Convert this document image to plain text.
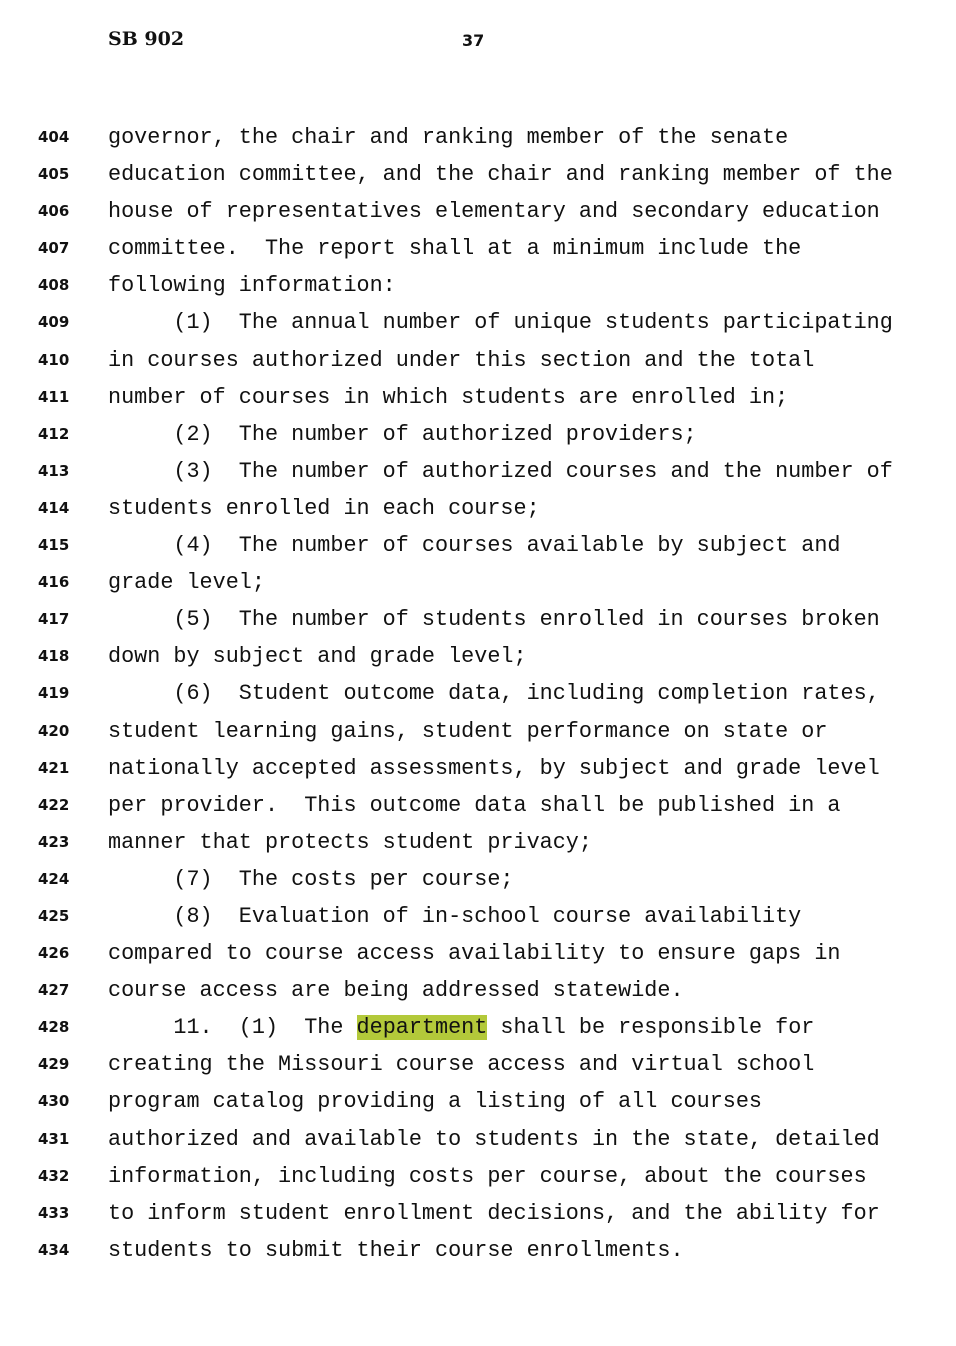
SB 902	37
404 governor, the chair and ranking member of the senate
405 education committee, and the chair and ranking member of the
406 house of representatives elementary and secondary education
407 committee.  The report shall at a minimum include the
408 following information:
409 (1)  The annual number of unique students participating
410 in courses authorized under this section and the total
411 number of courses in which students are enrolled in;
412 (2)  The number of authorized providers;
413 (3)  The number of authorized courses and the number of
414 students enrolled in each course;
415 (4)  The number of courses available by subject and
416 grade level;
417 (5)  The number of students enrolled in courses broken
418 down by subject and grade level;
419 (6)  Student outcome data, including completion rates,
420 student learning gains, student performance on state or
421 nationally accepted assessments, by subject and grade level
422 per provider.  This outcome data shall be published in a
423 manner that protects student privacy;
424 (7)  The costs per course;
425 (8)  Evaluation of in-school course availability
426 compared to course access availability to ensure gaps in
427 course access are being addressed statewide.
428 11.  (1)  The department shall be responsible for
429 creating the Missouri course access and virtual school
430 program catalog providing a listing of all courses
431 authorized and available to students in the state, detailed
432 information, including costs per course, about the courses
433 to inform student enrollment decisions, and the ability for
434 students to submit their course enrollments.
